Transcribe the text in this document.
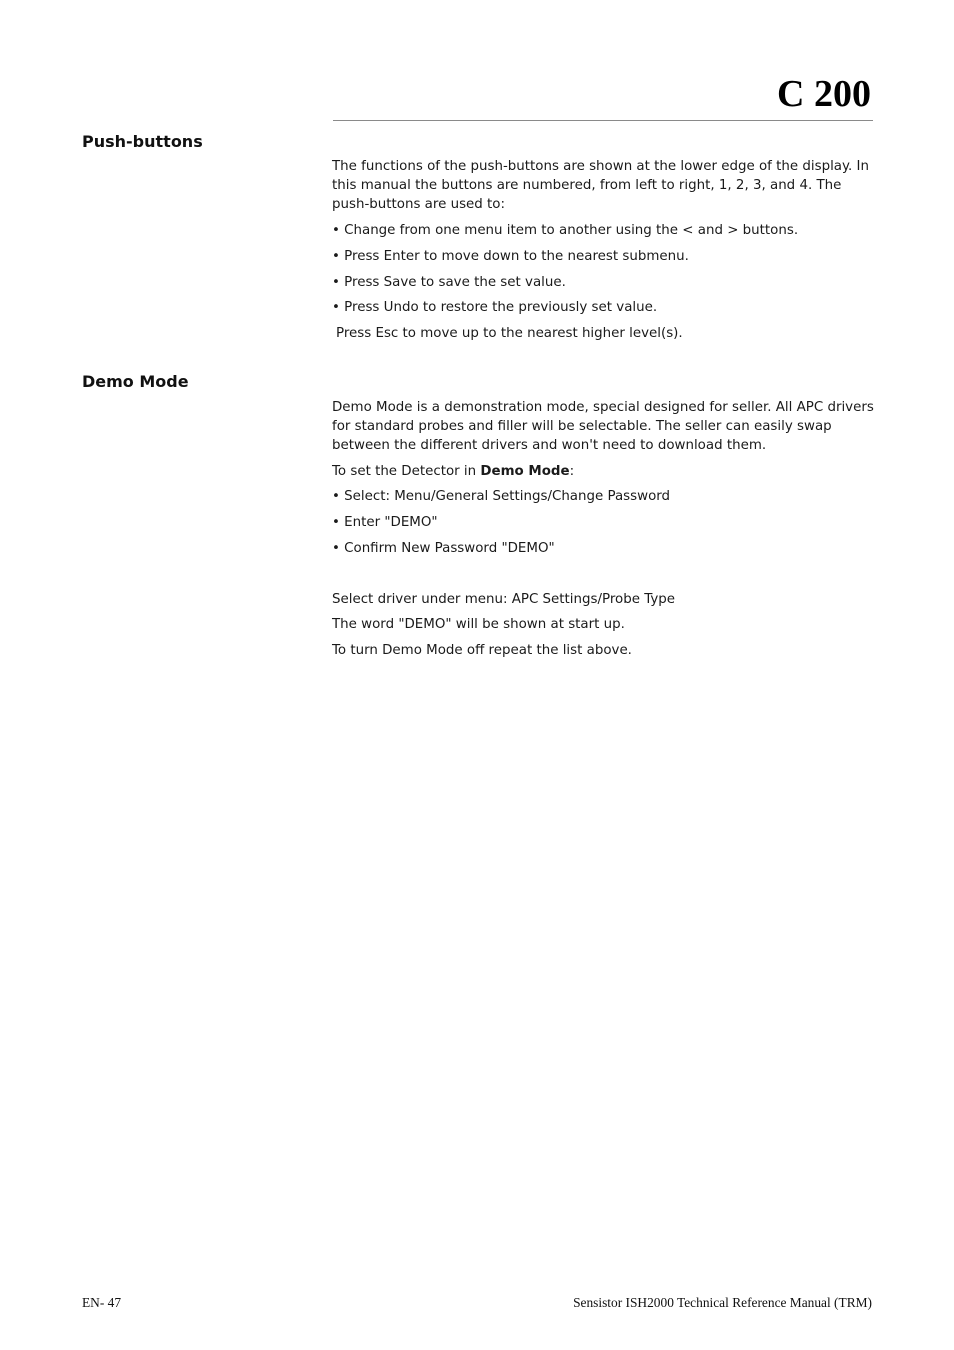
C 200
Push-buttons

The functions of the push-buttons are shown at the lower edge of the display. In this manual the buttons are numbered, from left to right, 1, 2, 3, and 4. The push-buttons are used to:

• Change from one menu item to another using the < and > buttons.

• Press Enter to move down to the nearest submenu.

• Press Save to save the set value.

• Press Undo to restore the previously set value.

Press Esc to move up to the nearest higher level(s).

Demo Mode

Demo Mode is a demonstration mode, special designed for seller. All APC drivers for standard probes and filler will be selectable. The seller can easily swap between the different drivers and won't need to download them.

To set the Detector in Demo Mode:

• Select: Menu/General Settings/Change Password

• Enter "DEMO"

• Confirm New Password "DEMO"

Select driver under menu: APC Settings/Probe Type

The word "DEMO" will be shown at start up.

To turn Demo Mode off repeat the list above.

EN- 47	Sensistor ISH2000 Technical Reference Manual (TRM)
